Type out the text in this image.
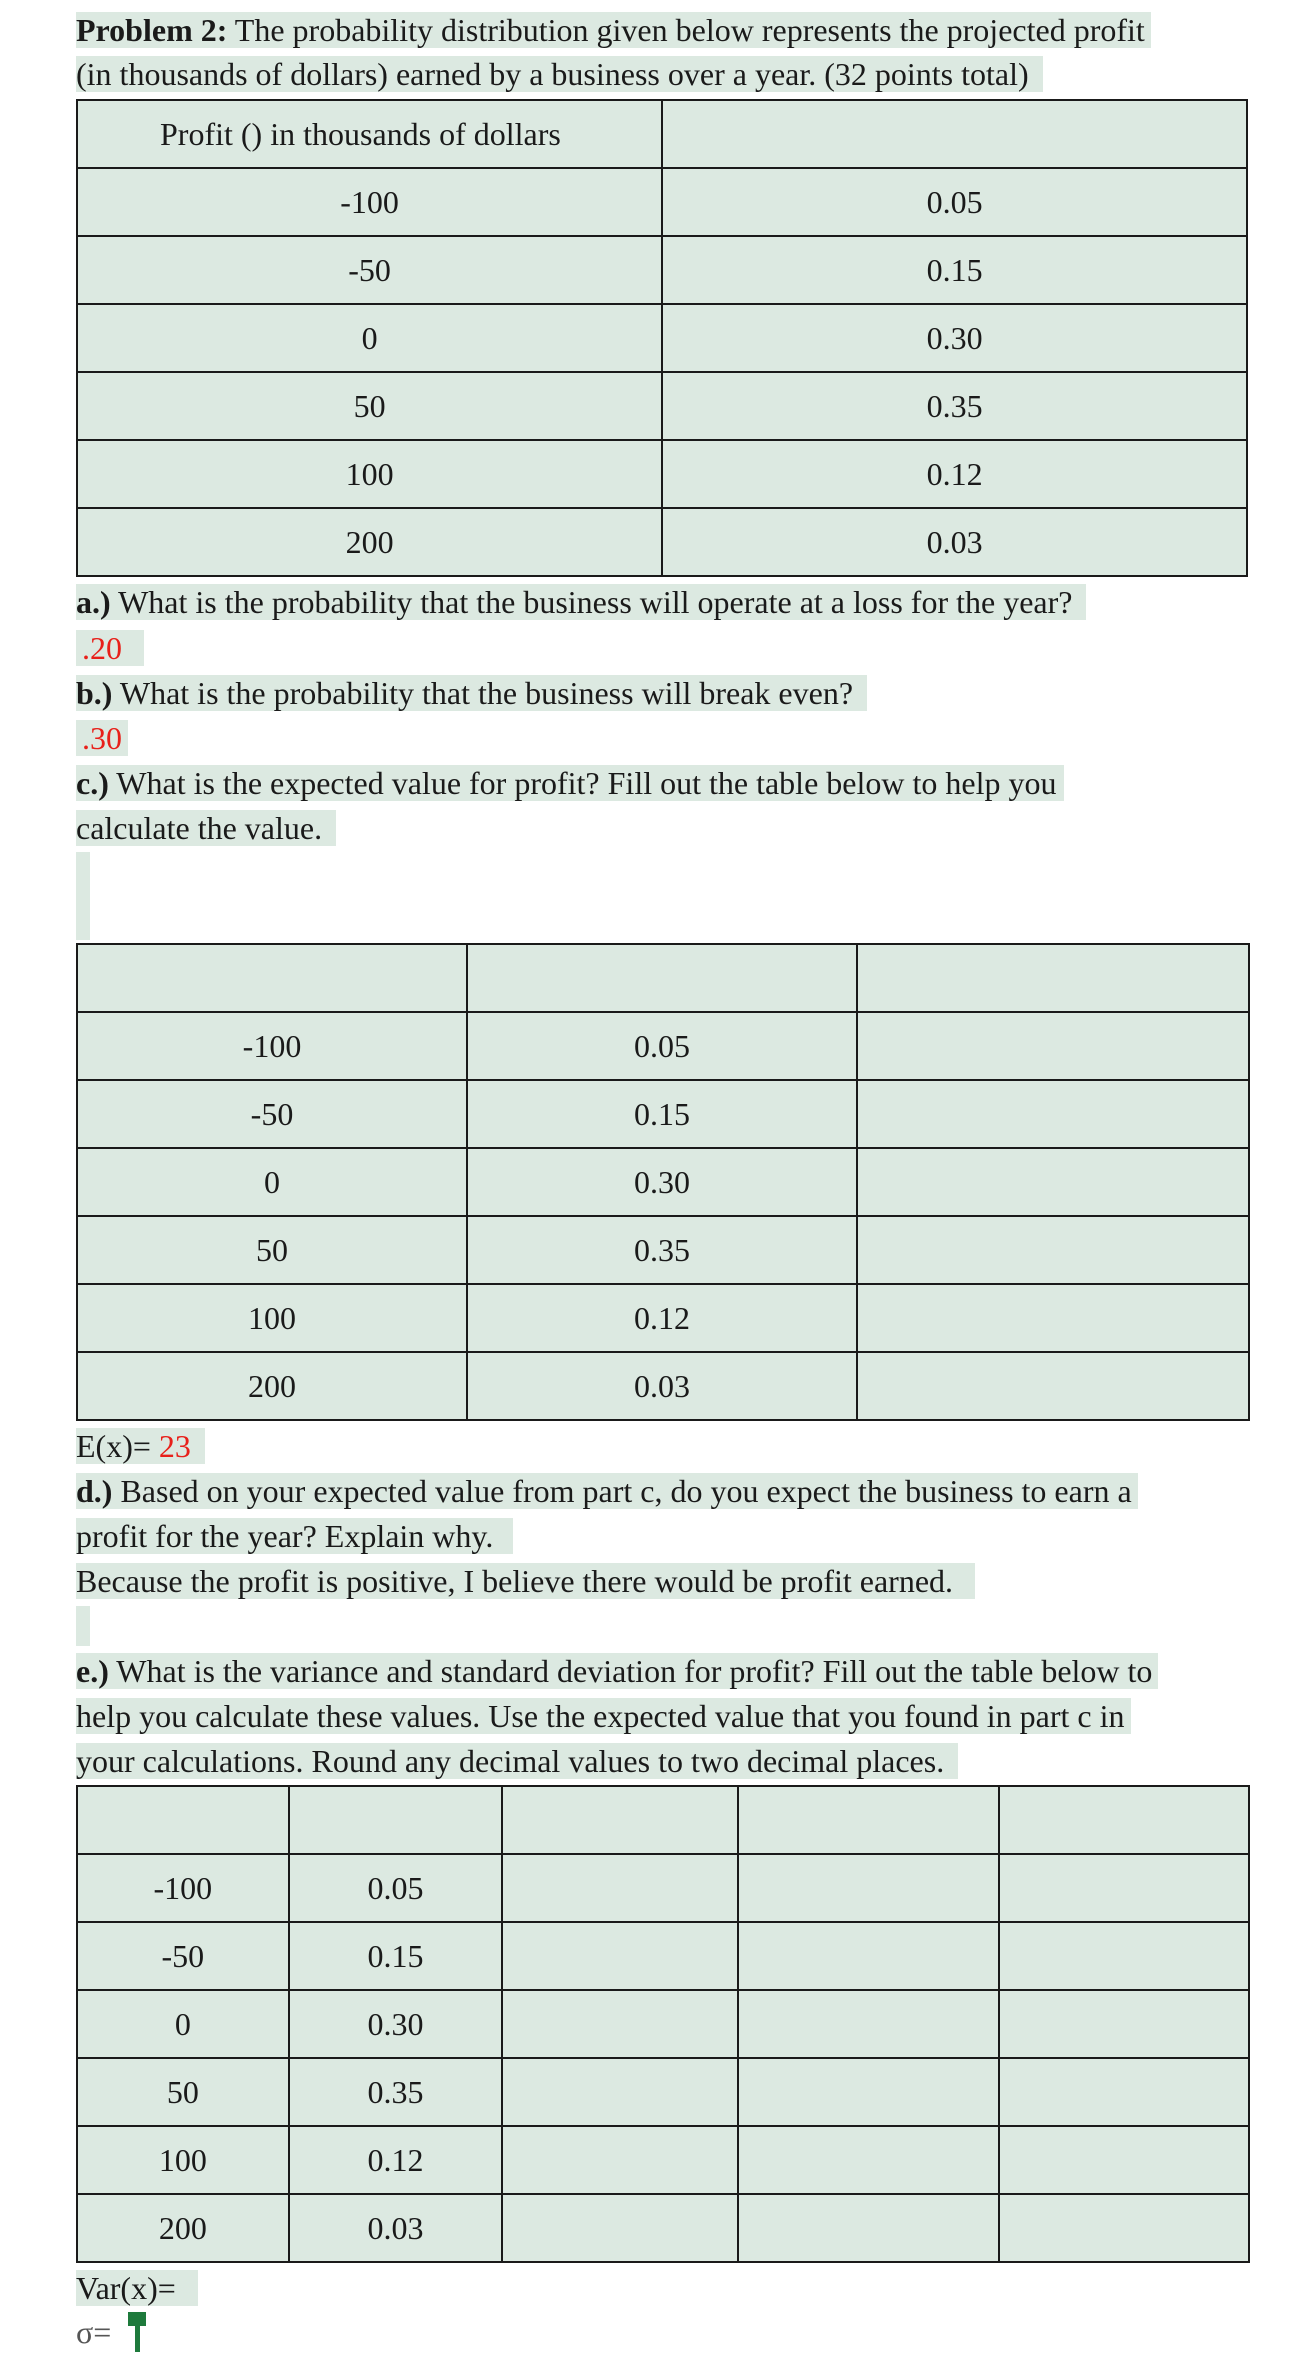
Problem 2: The probability distribution given below represents the projected profit
(in thousands of dollars) earned by a business over a year. (32 points total)
Profit () in thousands of dollars	
-100	0.05
-50	0.15
0	0.30
50	0.35
100	0.12
200	0.03
a.) What is the probability that the business will operate at a loss for the year?
.20
b.) What is the probability that the business will break even?
.30
c.) What is the expected value for profit? Fill out the table below to help you
calculate the value.

-100	0.05	
-50	0.15	
0	0.30	
50	0.35	
100	0.12	
200	0.03	
E(x)= 23
d.) Based on your expected value from part c, do you expect the business to earn a
profit for the year? Explain why.
Because the profit is positive, I believe there would be profit earned.
e.) What is the variance and standard deviation for profit? Fill out the table below to
help you calculate these values. Use the expected value that you found in part c in
your calculations. Round any decimal values to two decimal places.

-100	0.05			
-50	0.15			
0	0.30			
50	0.35			
100	0.12			
200	0.03			
Var(x)=
σ=
